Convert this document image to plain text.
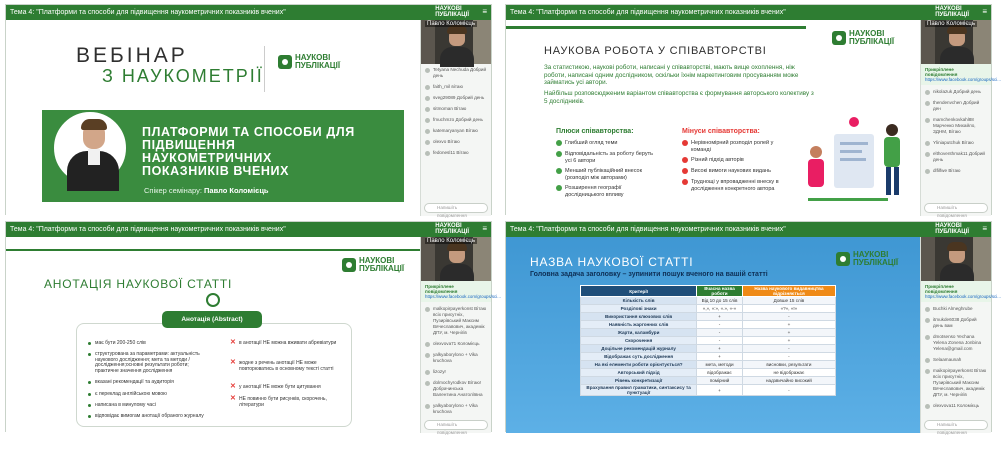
Тема 4: "Платформи та способи для підвищення наукометричних показників вчених"	НАУКОВІ
ПУБЛІКАЦІЇ ≡
ВЕБІНАР
З НАУКОМЕТРІЇ
НАУКОВІ
ПУБЛІКАЦІЇ
ПЛАТФОРМИ ТА СПОСОБИ ДЛЯ ПІДВИЩЕННЯ НАУКОМЕТРИЧНИХ ПОКАЗНИКІВ ВЧЕНИХ
Спікер семінару: Павло Коломієць
Павло Коломієць
Tetyana Nechuda Добрий день
faith_mil вітаю
sveg29089 Добрий день
sitmoman Вітаю
fmuchmzo Добрий день
katemaryanyan Вітаю
olexvo Вітаю
fedonesl11 Вітаю
Напишіть повідомлення
Тема 4: "Платформи та способи для підвищення наукометричних показників вчених"	НАУКОВІ
ПУБЛІКАЦІЇ ≡
НАУКОВІ
ПУБЛІКАЦІЇ
НАУКОВА РОБОТА У СПІВАВТОРСТВІ
За статистикою, наукові роботи, написані у співавторстві, мають вище охоплення, ніж роботи, написані одним дослідником, оскільки їхнім маркетинговим просуванням може займатись усі автори.
Найбільш розповсюдженим варіантом співавторства є формування авторського колективу з 5 дослідників.
Плюси співавторства:	Мінуси співавторства:
Глибший огляд теми
Відповідальність за роботу беруть усі 6 автори
Менший публікаційний внесок (розподіл між авторами)
Розширення географії дослідницького впливу
Нерівномірний розподіл ролей у команді
Різний підхід авторів
Високі вимоги наукових видань
Труднощі у впровадженні внеску в дослідження конкретного автора
Павло Коломієць
Прикріплене повідомлення
https://www.facebook.com/groups/sci...
nikolazuk Добрий день
thendenvchen Добрий ден
mamchenkovkahl88 Марченко Михайло, ЗДНМ, Вітаю
Yliniaputchuk Вітаю
elthoventhmak11 Добрий день
dlfilfwe Вітаю
Напишіть повідомлення
Тема 4: "Платформи та способи для підвищення наукометричних показників вчених"	НАУКОВІ
ПУБЛІКАЦІЇ ≡
НАУКОВІ
ПУБЛІКАЦІЇ
АНОТАЦІЯ НАУКОВОЇ СТАТТІ
Анотація (Abstract)
має бути 200-250 слів
структурована за параметрами: актуальність наукового дослідження; мета та методи / дослідження;основні результати роботи; практичне значення дослідження
вказані рекомендації та аудиторія
є переклад англійською мовою
написана в минулому часі
відповідає вимогам анотації обраного журналу
✕ в анотації НЕ можна вживати абревіатури
✕ жодне з речень анотації НЕ може повторюватись в основному тексті статті
✕ у анотації НЕ може бути цитування
✕ НЕ повинно бути рисунків, скорочень, літератури
Павло Коломієць
Прикріплене повідомлення
https://www.facebook.com/groups/sci...
malkopirpayerkonst Вітаю всіх присутніх, Пузирівський Максим Вячеславович, академік ДПУ, м. Чернігів
olexvova71 Коломієць
yalkyaborylono + Vikа kruchova
lizozyr
dolmochyrodkov Вітаю! Добрачинська Валентина Анатоліївна
yalkyaborylono + Vikа kruchova
Напишіть повідомлення
Тема 4: "Платформи та способи для підвищення наукометричних показників вчених"	НАУКОВІ
ПУБЛІКАЦІЇ ≡
НАУКОВІ
ПУБЛІКАЦІЇ
НАЗВА НАУКОВОЇ СТАТТІ
Головна задача заголовку – зупинити пошук вченого на вашій статті
Критерії	Вчасна назва роботи	Назва наукового видавництва відрізняється
Кількість слів	Від 10 до 15 слів	Довше 15 слів
Розділові знаки	«,», «:», «.», «-»	«?», «!»
Використання ключових слів	+	-
Наявність жаргонних слів	-	+
Жарти, каламбури	-	+
Скорочення	-	+
Доцільне рекомендацій журналу	+	-
Відображає суть дослідження	+	-
На які елементи роботи орієнтується?	мета, методи	висновки, результати
Авторський підхід	відображає	не відображає
Рівень конкретизації	помірний	надзвичайно високий
Врахування правил граматики, синтаксису та пунктуації	+	-
Прикріплене повідомлення
https://www.facebook.com/groups/sci...
Buchki Almeghrube
itmukde6038 Добрий день вам
dmotsenso Yechana Yelena Zonena Jonbina Yelena@gmail.com
Selaamaunah
maikopirpayerkonst Вітаю всіх присутніх, Пузирівський Максим Вячеславович, академік ДПУ, м. Чернігів
olexvova11 Коломієць
Напишіть повідомлення
